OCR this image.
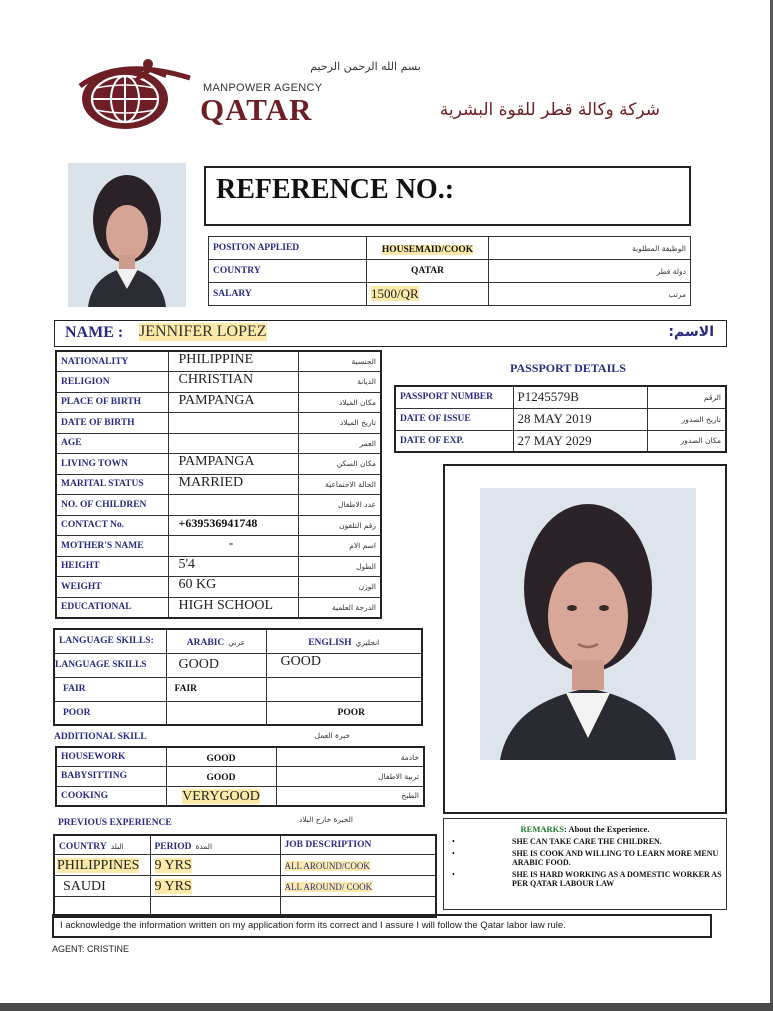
بسم الله الرحمن الرحيم
MANPOWER AGENCY
QATAR	شركة وكالة قطر للقوة البشرية
REFERENCE NO.:
POSITON APPLIED	HOUSEMAID/COOK	الوظيفة المطلوبة
COUNTRY	QATAR	دولة قطر
SALARY	1500/QR	مرتب
NAME : JENNIFER LOPEZ	الاسم:
NATIONALITY	PHILIPPINE	الجنسية
RELIGION	CHRISTIAN	الديانة
PLACE OF BIRTH	PAMPANGA	مكان الميلاد
DATE OF BIRTH		تاريخ الميلاد
AGE		العمر
LIVING TOWN	PAMPANGA	مكان السكن
MARITAL STATUS	MARRIED	الحالة الاجتماعية
NO. OF CHILDREN		عدد الاطفال
CONTACT No.	+639536941748	رقم التلفون
MOTHER'S NAME	-	اسم الام
HEIGHT	5'4	الطول
WEIGHT	60 KG	الوزن
EDUCATIONAL	HIGH SCHOOL	الدرجة العلمية
PASSPORT DETAILS
PASSPORT NUMBER	P1245579B	الرقم
DATE OF ISSUE	28 MAY 2019	تاريخ الصدور
DATE OF EXP.	27 MAY 2029	مكان الصدور
LANGUAGE SKILLS:	ARABIC عربي	ENGLISH انجليزي
LANGUAGE SKILLS	GOOD	GOOD
FAIR	FAIR	
POOR		POOR
ADDITIONAL SKILL	خبرة العمل
HOUSEWORK	GOOD	خادمة
BABYSITTING	GOOD	تربية الاطفال
COOKING	VERYGOOD	الطبخ
PREVIOUS EXPERIENCE	الخبرة خارج البلاد
COUNTRY البلد	PERIOD المدة	JOB DESCRIPTION
PHILIPPINES	9 YRS	ALL AROUND/COOK
SAUDI	9 YRS	ALL AROUND/ COOK

REMARKS: About the Experience.
•	SHE CAN TAKE CARE THE CHILDREN.
•	SHE IS COOK AND WILLING TO LEARN MORE MENU ARABIC FOOD.
•	SHE IS HARD WORKING AS A DOMESTIC WORKER AS PER QATAR LABOUR LAW
I acknowledge the information written on my application form its correct and I assure I will follow the Qatar labor law rule.
AGENT: CRISTINE
